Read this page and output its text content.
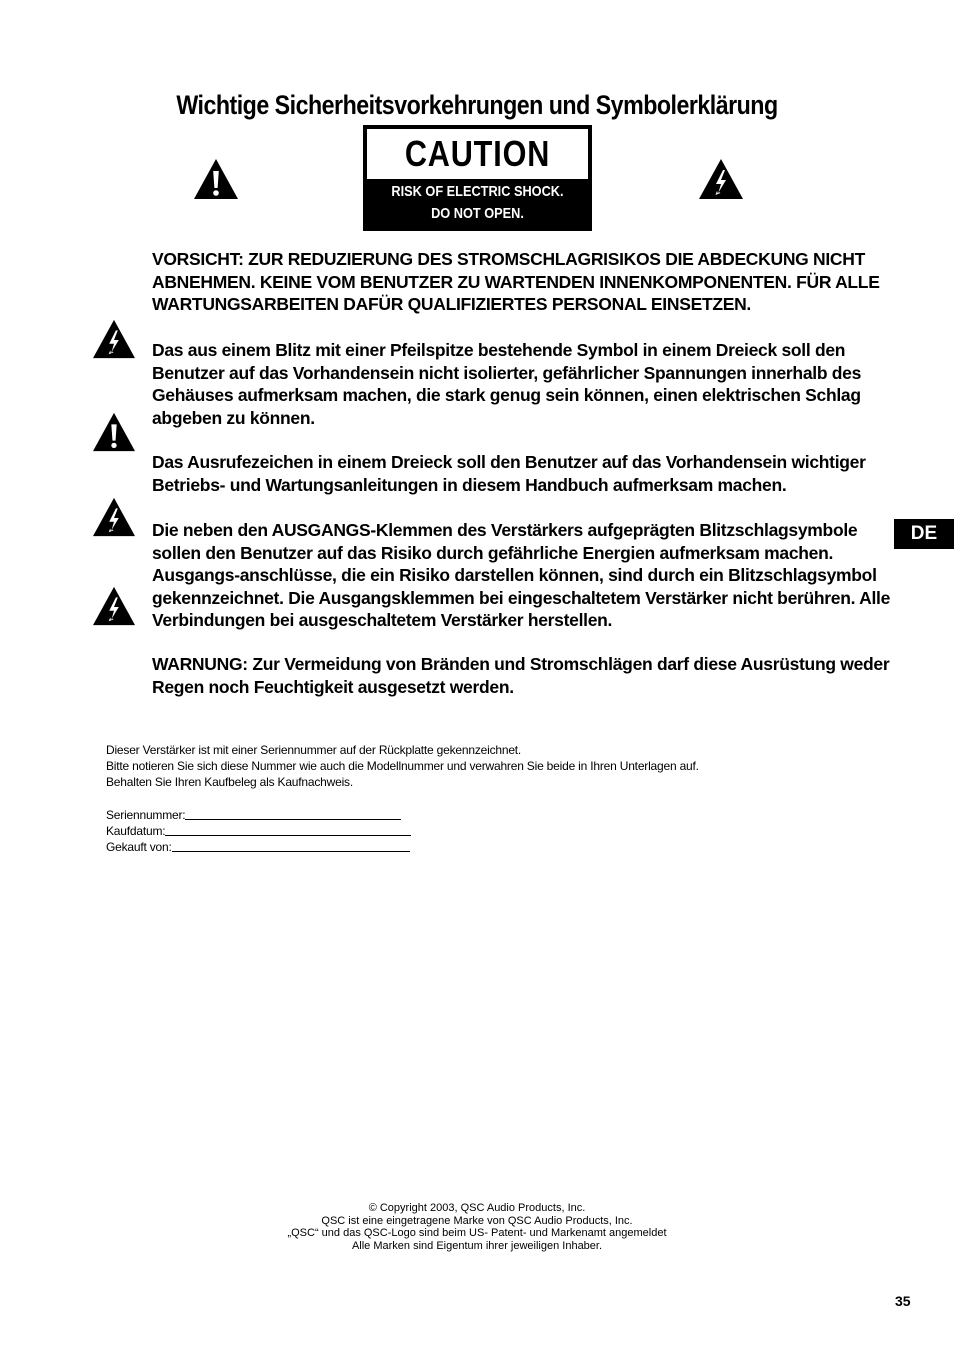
Wichtige Sicherheitsvorkehrungen und Symbolerklärung
CAUTION
RISK OF ELECTRIC SHOCK.
DO NOT OPEN.
VORSICHT: ZUR REDUZIERUNG DES STROMSCHLAGRISIKOS DIE ABDECKUNG NICHT
ABNEHMEN. KEINE VOM BENUTZER ZU WARTENDEN INNENKOMPONENTEN. FÜR ALLE
WARTUNGSARBEITEN DAFÜR QUALIFIZIERTES PERSONAL EINSETZEN.
Das aus einem Blitz mit einer Pfeilspitze bestehende Symbol in einem Dreieck soll den
Benutzer auf das Vorhandensein nicht isolierter, gefährlicher Spannungen innerhalb des
Gehäuses aufmerksam machen, die stark genug sein können, einen elektrischen Schlag
abgeben zu können.
Das Ausrufezeichen in einem Dreieck soll den Benutzer auf das Vorhandensein wichtiger
Betriebs- und Wartungsanleitungen in diesem Handbuch aufmerksam machen.
Die neben den AUSGANGS-Klemmen des Verstärkers aufgeprägten Blitzschlagsymbole
sollen den Benutzer auf das Risiko durch gefährliche Energien aufmerksam machen.
Ausgangs-anschlüsse, die ein Risiko darstellen können, sind durch ein Blitzschlagsymbol
gekennzeichnet. Die Ausgangsklemmen bei eingeschaltetem Verstärker nicht berühren. Alle
Verbindungen bei ausgeschaltetem Verstärker herstellen.
WARNUNG: Zur Vermeidung von Bränden und Stromschlägen darf diese Ausrüstung weder
Regen noch Feuchtigkeit ausgesetzt werden.
Dieser Verstärker ist mit einer Seriennummer auf der Rückplatte gekennzeichnet.
Bitte notieren Sie sich diese Nummer wie auch die Modellnummer und verwahren Sie beide in Ihren Unterlagen auf.
Behalten Sie Ihren Kaufbeleg als Kaufnachweis.
Seriennummer:
Kaufdatum:
Gekauft von:
© Copyright 2003, QSC Audio Products, Inc.
QSC ist eine eingetragene Marke von QSC Audio Products, Inc.
„QSC“ und das QSC-Logo sind beim US- Patent- und Markenamt angemeldet
Alle Marken sind Eigentum ihrer jeweiligen Inhaber.
DE
35
